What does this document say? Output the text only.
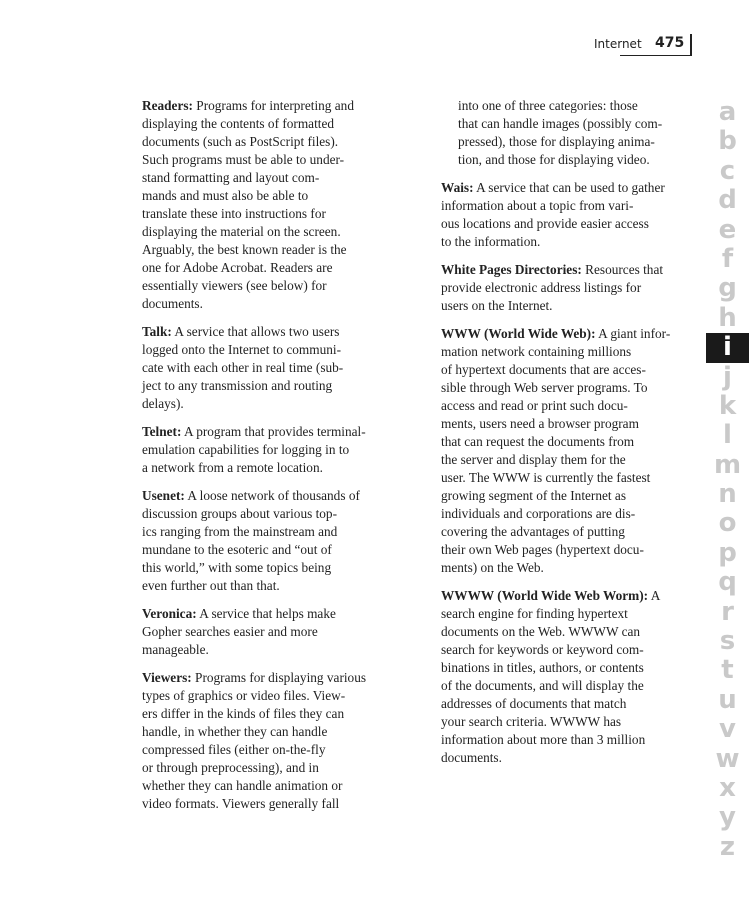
Internet 475
Readers: Programs for interpreting and
displaying the contents of formatted
documents (such as PostScript files).
Such programs must be able to under-
stand formatting and layout com-
mands and must also be able to
translate these into instructions for
displaying the material on the screen.
Arguably, the best known reader is the
one for Adobe Acrobat. Readers are
essentially viewers (see below) for
documents.
Talk: A service that allows two users
logged onto the Internet to communi-
cate with each other in real time (sub-
ject to any transmission and routing
delays).
Telnet: A program that provides terminal-
emulation capabilities for logging in to
a network from a remote location.
Usenet: A loose network of thousands of
discussion groups about various top-
ics ranging from the mainstream and
mundane to the esoteric and “out of
this world,” with some topics being
even further out than that.
Veronica: A service that helps make
Gopher searches easier and more
manageable.
Viewers: Programs for displaying various
types of graphics or video files. View-
ers differ in the kinds of files they can
handle, in whether they can handle
compressed files (either on-the-fly
or through preprocessing), and in
whether they can handle animation or
video formats. Viewers generally fall
into one of three categories: those
that can handle images (possibly com-
pressed), those for displaying anima-
tion, and those for displaying video.
Wais: A service that can be used to gather
information about a topic from vari-
ous locations and provide easier access
to the information.
White Pages Directories: Resources that
provide electronic address listings for
users on the Internet.
WWW (World Wide Web): A giant infor-
mation network containing millions
of hypertext documents that are acces-
sible through Web server programs. To
access and read or print such docu-
ments, users need a browser program
that can request the documents from
the server and display them for the
user. The WWW is currently the fastest
growing segment of the Internet as
individuals and corporations are dis-
covering the advantages of putting
their own Web pages (hypertext docu-
ments) on the Web.
WWWW (World Wide Web Worm): A
search engine for finding hypertext
documents on the Web. WWWW can
search for keywords or keyword com-
binations in titles, authors, or contents
of the documents, and will display the
addresses of documents that match
your search criteria. WWWW has
information about more than 3 million
documents.
a
b
c
d
e
f
g
h
i
j
k
l
m
n
o
p
q
r
s
t
u
v
w
x
y
z
